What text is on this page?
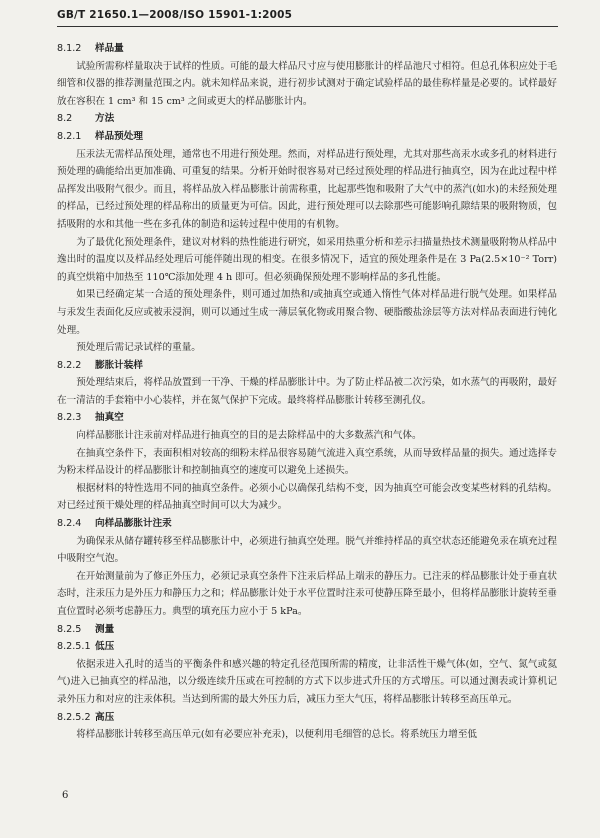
GB/T 21650.1—2008/ISO 15901-1:2005
8.1.2 样品量

试验所需称样量取决于试样的性质。可能的最大样品尺寸应与使用膨胀计的样品池尺寸相符。但总孔体积应处于毛细管和仪器的推荐测量范围之内。就未知样品来说，进行初步试测对于确定试验样品的最佳称样量是必要的。试样最好放在容积在 1 cm³ 和 15 cm³ 之间或更大的样品膨胀计内。

8.2 方法
8.2.1 样品预处理

压汞法无需样品预处理，通常也不用进行预处理。然而，对样品进行预处理，尤其对那些高汞水或多孔的材料进行预处理的确能给出更加准确、可重复的结果。分析开始时很容易对已经过预处理的样品进行抽真空，因为在此过程中样品挥发出吸附气很少。而且，将样品放入样品膨胀计前需称重，比起那些饱和吸附了大气中的蒸汽(如水)的未经预处理的样品，已经过预处理的样品称出的质量更为可信。因此，进行预处理可以去除那些可能影响孔隙结果的吸附物质，包括吸附的水和其他一些在多孔体的制造和运转过程中使用的有机物。

为了最优化预处理条件，建议对材料的热性能进行研究，如采用热重分析和差示扫描量热技术测量吸附物从样品中逸出时的温度以及样品经处理后可能伴随出现的相变。在很多情况下，适宜的预处理条件是在 3 Pa(2.5×10⁻² Torr)的真空烘箱中加热至 110℃添加处理 4 h 即可。但必须确保预处理不影响样品的多孔性能。

如果已经确定某一合适的预处理条件，则可通过加热和/或抽真空或通入惰性气体对样品进行脱气处理。如果样品与汞发生表面化反应或被汞浸润，则可以通过生成一薄层氧化物或用聚合物、硬脂酸盐涂层等方法对样品表面进行钝化处理。

预处理后需记录试样的重量。

8.2.2 膨胀计装样

预处理结束后，将样品放置到一干净、干燥的样品膨胀计中。为了防止样品被二次污染，如水蒸气的再吸附，最好在一清洁的手套箱中小心装样，并在氮气保护下完成。最终将样品膨胀计转移至测孔仪。

8.2.3 抽真空

向样品膨胀计注汞前对样品进行抽真空的目的是去除样品中的大多数蒸汽和气体。

在抽真空条件下，表面积相对较高的细粉末样品很容易随气流进入真空系统，从而导致样品量的损失。通过选择专为粉末样品设计的样品膨胀计和控制抽真空的速度可以避免上述损失。

根据材料的特性选用不同的抽真空条件。必须小心以确保孔结构不变，因为抽真空可能会改变某些材料的孔结构。对已经过预干燥处理的样品抽真空时间可以大为减少。

8.2.4 向样品膨胀计注汞

为确保汞从储存罐转移至样品膨胀计中，必须进行抽真空处理。脱气并维持样品的真空状态还能避免汞在填充过程中吸附空气泡。

在开始测量前为了修正外压力，必须记录真空条件下注汞后样品上端汞的静压力。已注汞的样品膨胀计处于垂直状态时，注汞压力是外压力和静压力之和；样品膨胀计处于水平位置时注汞可使静压降至最小，但将样品膨胀计旋转至垂直位置时必须考虑静压力。典型的填充压力应小于 5 kPa。

8.2.5 测量
8.2.5.1 低压

依据汞进入孔时的适当的平衡条件和感兴趣的特定孔径范围所需的精度，让非活性干燥气体(如，空气、氮气或氦气)进入已抽真空的样品池，以分级连续升压或在可控制的方式下以步进式升压的方式增压。可以通过测表或计算机记录外压力和对应的注汞体积。当达到所需的最大外压力后，减压力至大气压，将样品膨胀计转移至高压单元。

8.2.5.2 高压

将样品膨胀计转移至高压单元(如有必要应补充汞)，以便利用毛细管的总长。将系统压力增至低

6
